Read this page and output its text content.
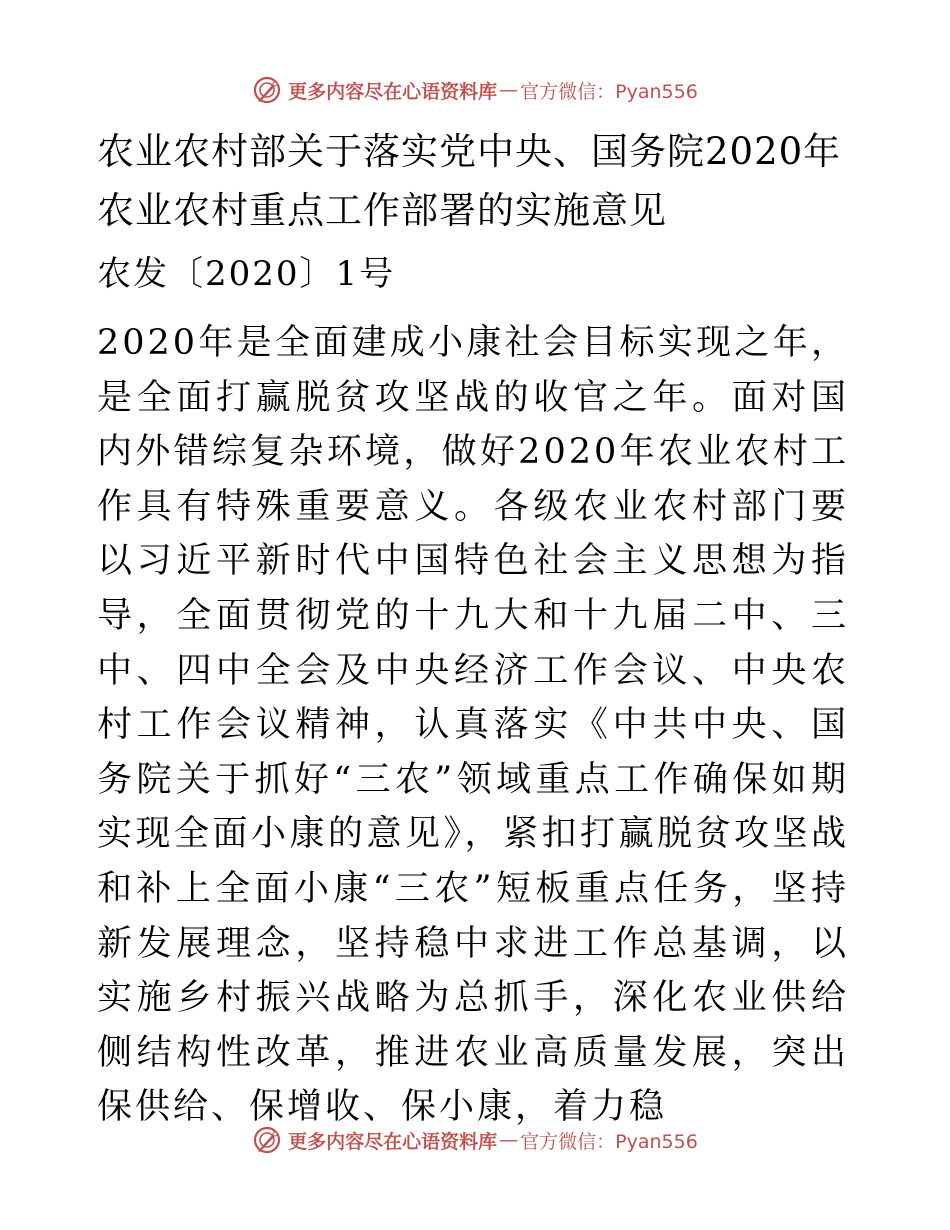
更多内容尽在心语资料库 — 官方微信：Pyan556
农业农村部关于落实党中央、国务院2020年农业农村重点工作部署的实施意见

农发〔2020〕1号

2020年是全面建成小康社会目标实现之年，是全面打赢脱贫攻坚战的收官之年。面对国内外错综复杂环境，做好2020年农业农村工作具有特殊重要意义。各级农业农村部门要以习近平新时代中国特色社会主义思想为指导，全面贯彻党的十九大和十九届二中、三中、四中全会及中央经济工作会议、中央农村工作会议精神，认真落实《中共中央、国务院关于抓好“三农”领域重点工作确保如期实现全面小康的意见》，紧扣打赢脱贫攻坚战和补上全面小康“三农”短板重点任务，坚持新发展理念，坚持稳中求进工作总基调，以实施乡村振兴战略为总抓手，深化农业供给侧结构性改革，推进农业高质量发展，突出保供给、保增收、保小康，着力稳

更多内容尽在心语资料库 — 官方微信：Pyan556
